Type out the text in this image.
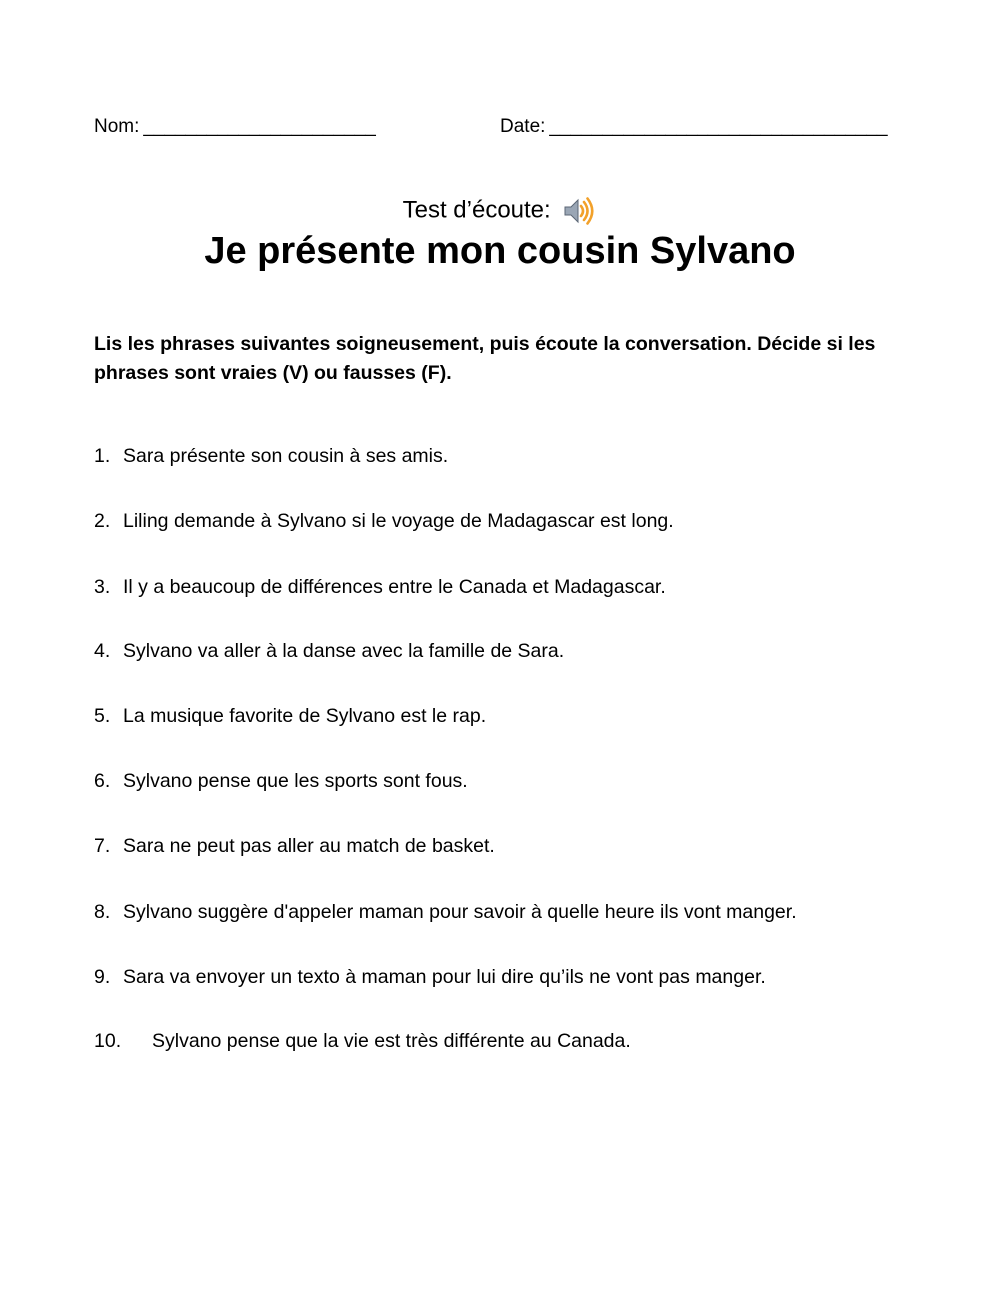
Nom: ______________________	Date: ________________________________
Test d’écoute:
Je présente mon cousin Sylvano

Lis les phrases suivantes soigneusement, puis écoute la conversation. Décide si les phrases sont vraies (V) ou fausses (F).

1. Sara présente son cousin à ses amis.
2. Liling demande à Sylvano si le voyage de Madagascar est long.
3. Il y a beaucoup de différences entre le Canada et Madagascar.
4. Sylvano va aller à la danse avec la famille de Sara.
5. La musique favorite de Sylvano est le rap.
6. Sylvano pense que les sports sont fous.
7. Sara ne peut pas aller au match de basket.
8. Sylvano suggère d'appeler maman pour savoir à quelle heure ils vont manger.
9. Sara va envoyer un texto à maman pour lui dire qu’ils ne vont pas manger.
10. Sylvano pense que la vie est très différente au Canada.
